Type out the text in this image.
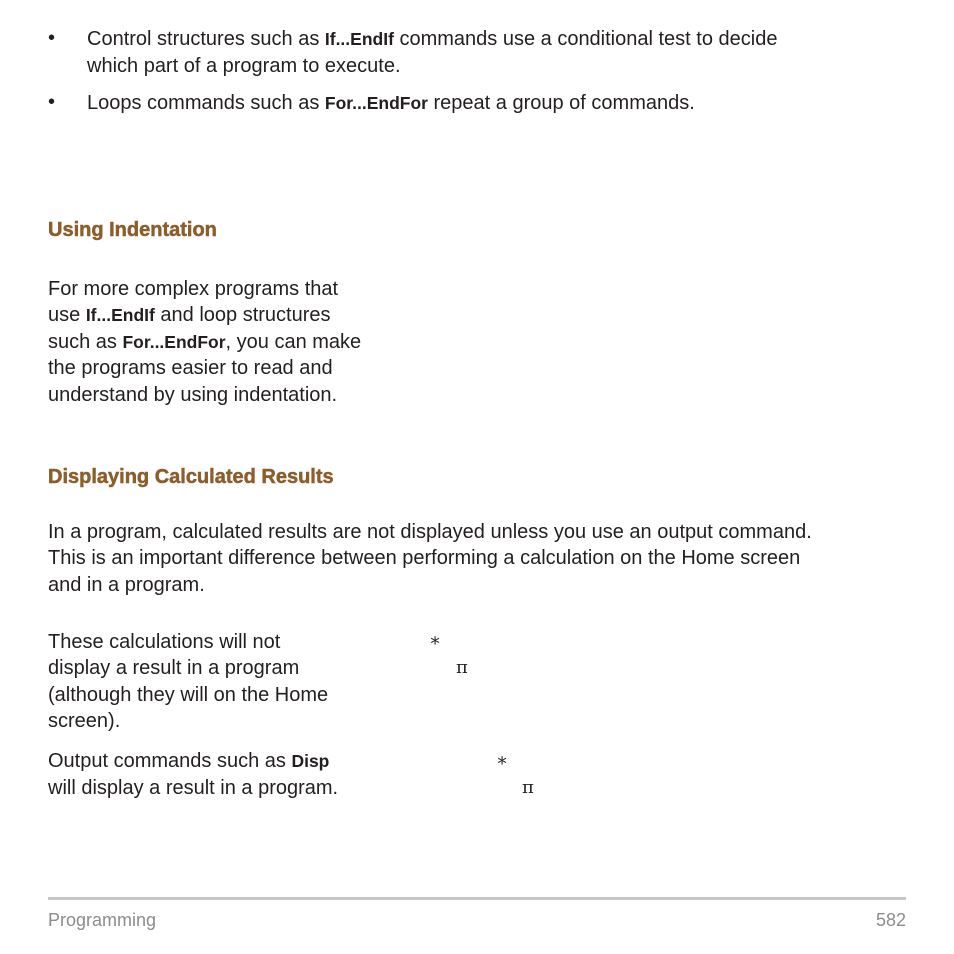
• Control structures such as If...EndIf commands use a conditional test to decide
which part of a program to execute.
• Loops commands such as For...EndFor repeat a group of commands.
Using Indentation
For more complex programs that
use If...EndIf and loop structures
such as For...EndFor, you can make
the programs easier to read and
understand by using indentation.
Displaying Calculated Results
In a program, calculated results are not displayed unless you use an output command.
This is an important difference between performing a calculation on the Home screen
and in a program.
These calculations will not
display a result in a program
(although they will on the Home
screen).
∗
π
Output commands such as Disp
will display a result in a program.
∗
π
Programming	582
